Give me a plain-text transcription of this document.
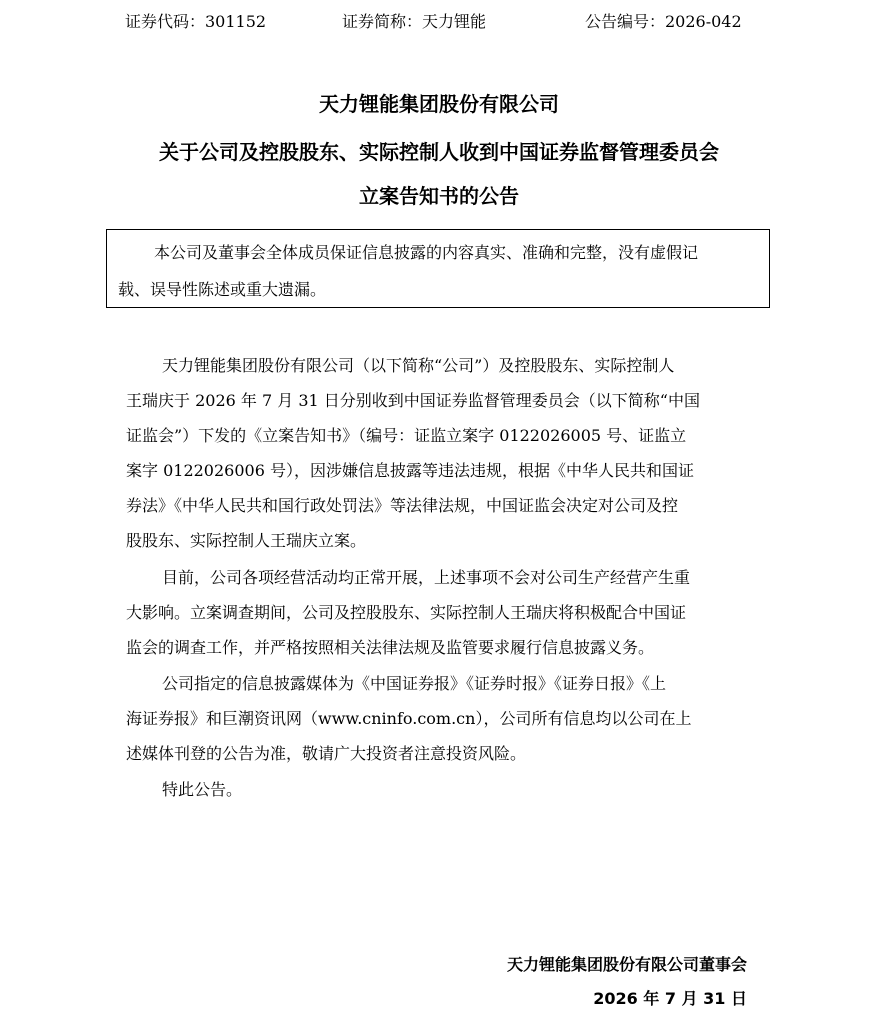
证券代码：301152	证券简称：天力锂能	公告编号：2026-042
天力锂能集团股份有限公司
关于公司及控股股东、实际控制人收到中国证券监督管理委员会
立案告知书的公告
本公司及董事会全体成员保证信息披露的内容真实、准确和完整，没有虚假记
载、误导性陈述或重大遗漏。
天力锂能集团股份有限公司（以下简称“公司”）及控股股东、实际控制人
王瑞庆于 2026 年 7 月 31 日分别收到中国证券监督管理委员会（以下简称“中国
证监会”）下发的《立案告知书》（编号：证监立案字 0122026005 号、证监立
案字 0122026006 号），因涉嫌信息披露等违法违规，根据《中华人民共和国证
券法》《中华人民共和国行政处罚法》等法律法规，中国证监会决定对公司及控
股股东、实际控制人王瑞庆立案。
目前，公司各项经营活动均正常开展，上述事项不会对公司生产经营产生重
大影响。立案调查期间，公司及控股股东、实际控制人王瑞庆将积极配合中国证
监会的调查工作，并严格按照相关法律法规及监管要求履行信息披露义务。
公司指定的信息披露媒体为《中国证券报》《证券时报》《证券日报》《上
海证券报》和巨潮资讯网（www.cninfo.com.cn），公司所有信息均以公司在上
述媒体刊登的公告为准，敬请广大投资者注意投资风险。
特此公告。
天力锂能集团股份有限公司董事会
2026 年 7 月 31 日
